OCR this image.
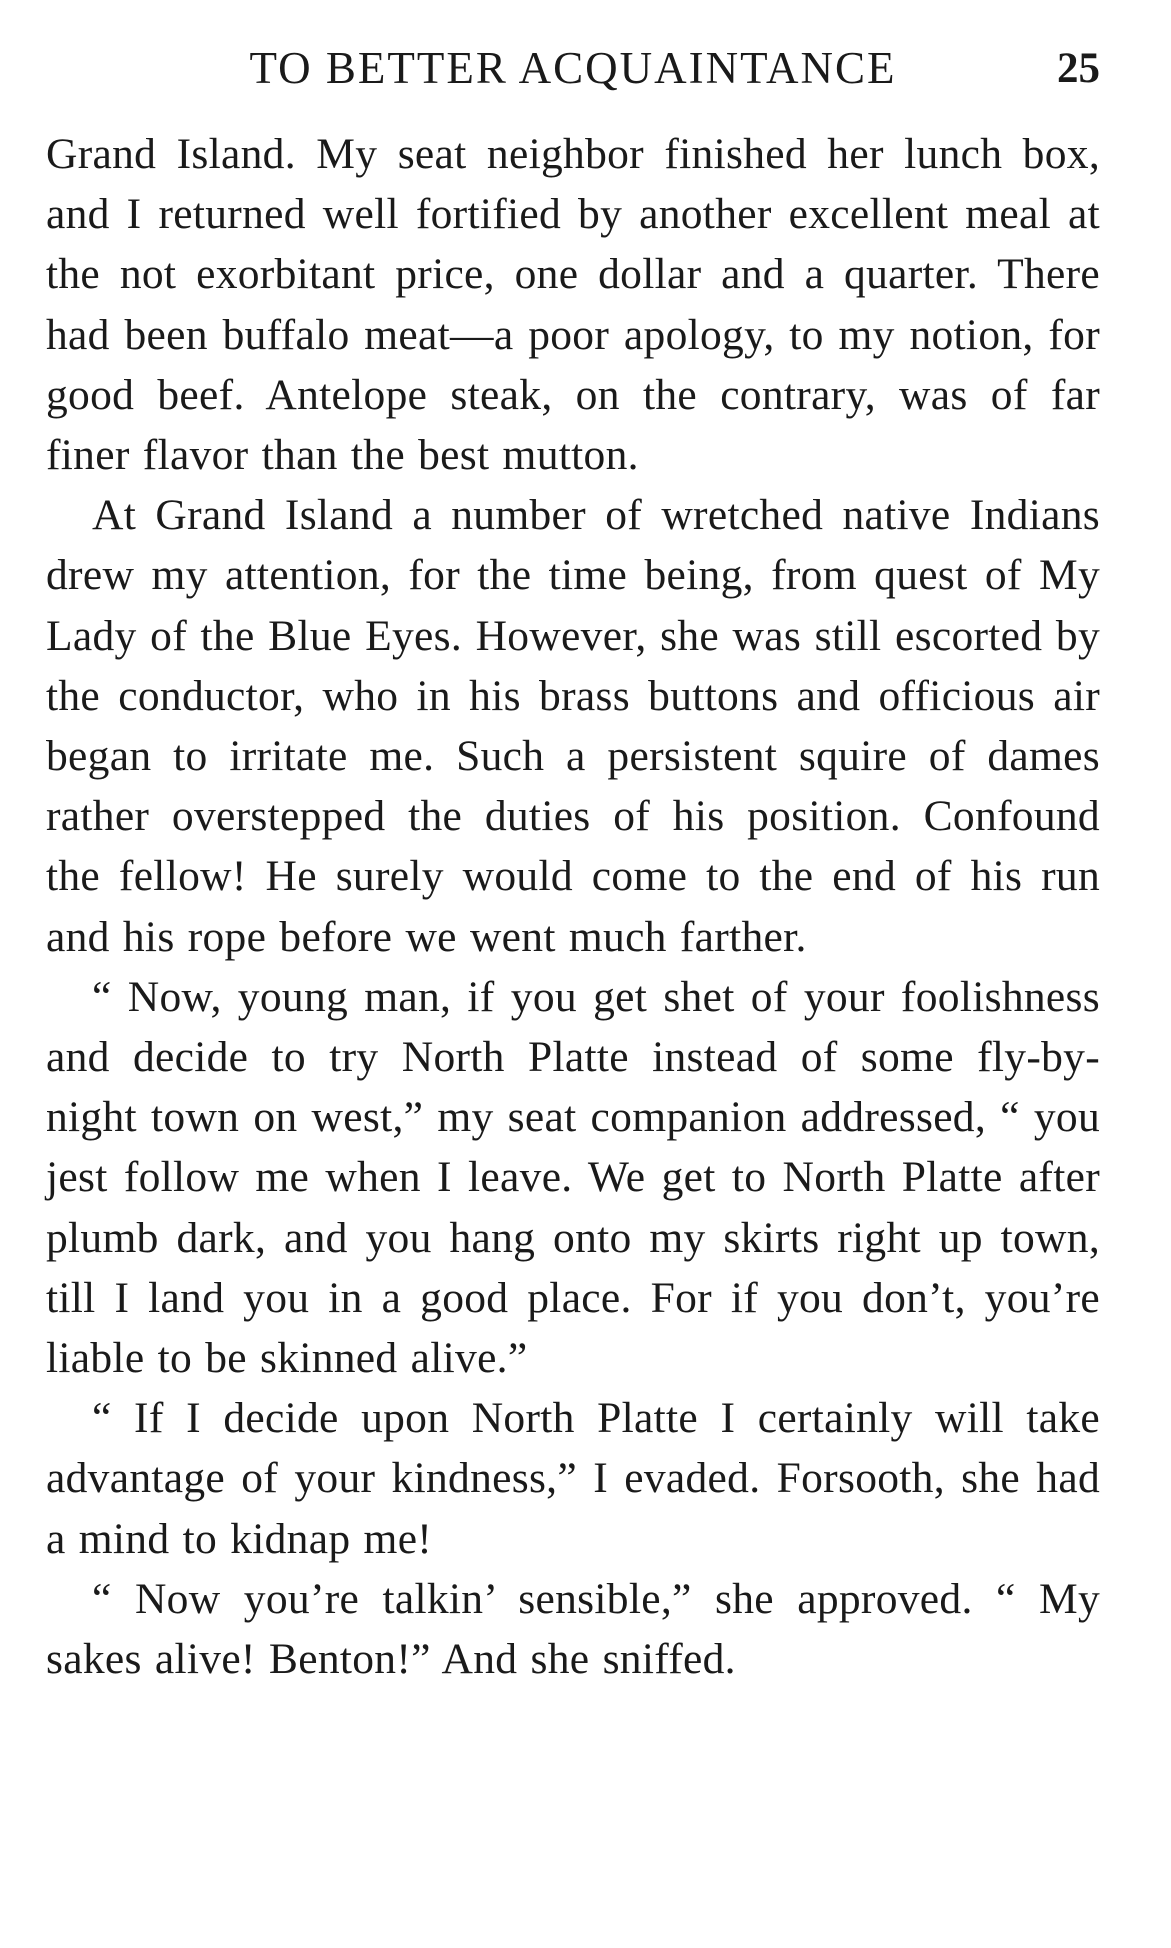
TO BETTER ACQUAINTANCE	25

Grand Island. My seat neighbor finished her lunch box, and I returned well fortified by another excellent meal at the not exorbitant price, one dollar and a quarter. There had been buffalo meat—a poor apology, to my notion, for good beef. Antelope steak, on the contrary, was of far finer flavor than the best mutton.

At Grand Island a number of wretched native Indians drew my attention, for the time being, from quest of My Lady of the Blue Eyes. However, she was still escorted by the conductor, who in his brass buttons and officious air began to irritate me. Such a persistent squire of dames rather overstepped the duties of his position. Confound the fellow! He surely would come to the end of his run and his rope before we went much farther.

“ Now, young man, if you get shet of your foolishness and decide to try North Platte instead of some fly-by-night town on west,” my seat companion addressed, “ you jest follow me when I leave. We get to North Platte after plumb dark, and you hang onto my skirts right up town, till I land you in a good place. For if you don’t, you’re liable to be skinned alive.”

“ If I decide upon North Platte I certainly will take advantage of your kindness,” I evaded. Forsooth, she had a mind to kidnap me!

“ Now you’re talkin’ sensible,” she approved. “ My sakes alive! Benton!” And she sniffed.
